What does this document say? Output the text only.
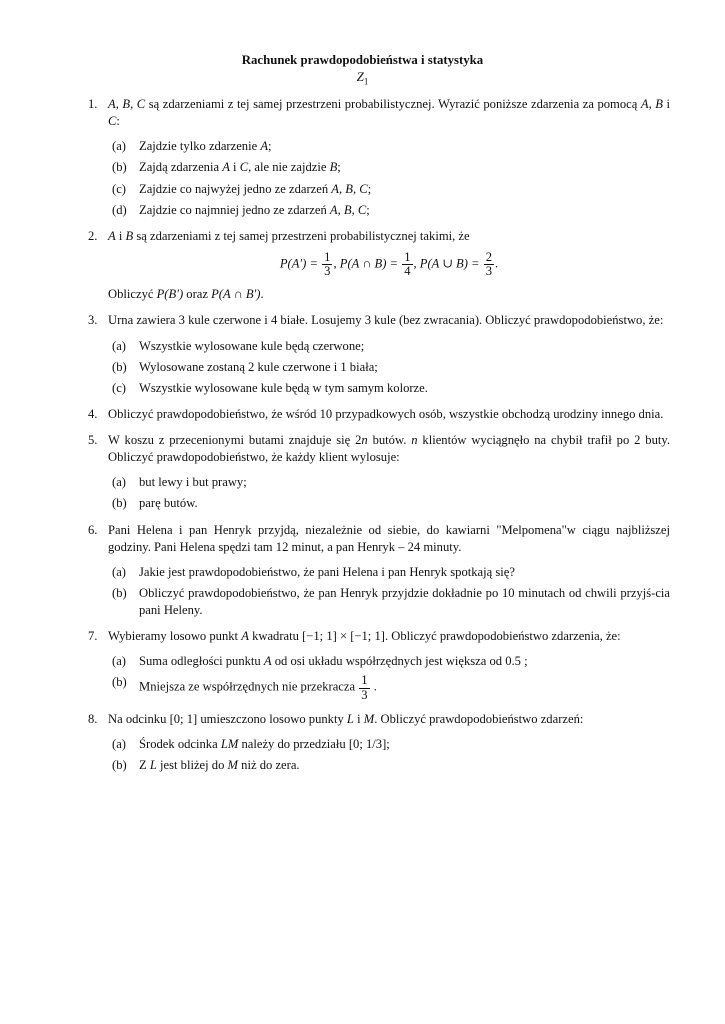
Rachunek prawdopodobieństwa i statystyka
$Z_1$
1. A, B, C są zdarzeniami z tej samej przestrzeni probabilistycznej. Wyrazić poniższe zdarzenia za pomocą A, B i C:
(a) Zajdzie tylko zdarzenie A;
(b) Zajdą zdarzenia A i C, ale nie zajdzie B;
(c) Zajdzie co najwyżej jedno ze zdarzeń A, B, C;
(d) Zajdzie co najmniej jedno ze zdarzeń A, B, C;
2. A i B są zdarzeniami z tej samej przestrzeni probabilistycznej takimi, że
$P(A') = \frac{1}{3}$ , P(A ∩ $B) = \frac{1}{4}$ , P(A ∪ $B) = \frac{2}{3}$ .
Obliczyć P(B′) oraz P(A ∩ B′).
3. Urna zawiera 3 kule czerwone i 4 białe. Losujemy 3 kule (bez zwracania). Obliczyć prawdopodobieństwo, że:
(a) Wszystkie wylosowane kule będą czerwone;
(b) Wylosowane zostaną 2 kule czerwone i 1 biała;
(c) Wszystkie wylosowane kule będą w tym samym kolorze.
4. Obliczyć prawdopodobieństwo, że wśród 10 przypadkowych osób, wszystkie obchodzą urodziny innego dnia.
5. W koszu z przecenionymi butami znajduje się 2n butów. n klientów wyciągnęło na chybił trafił po 2 buty. Obliczyć prawdopodobieństwo, że każdy klient wylosuje:
(a) but lewy i but prawy;
(b) parę butów.
6. Pani Helena i pan Henryk przyjdą, niezależnie od siebie, do kawiarni "Melpomena"w ciągu najbliższej godziny. Pani Helena spędzi tam 12 minut, a pan Henryk – 24 minuty.
(a) Jakie jest prawdopodobieństwo, że pani Helena i pan Henryk spotkają się?
(b) Obliczyć prawdopodobieństwo, że pan Henryk przyjdzie dokładnie po 10 minutach od chwili przyjś-cia pani Heleny.
7. Wybieramy losowo punkt A kwadratu [−1; 1] × [−1; 1]. Obliczyć prawdopodobieństwo zdarzenia, że:
(a) Suma odległości punktu A od osi układu współrzędnych jest większa od 0.5 ;
(b) Mniejsza ze współrzędnych nie przekracza $\frac{1}{3}$ .
8. Na odcinku [0; 1] umieszczono losowo punkty L i M. Obliczyć prawdopodobieństwo zdarzeń:
(a) Środek odcinka LM należy do przedziału [0; 1/3];
(b) Z L jest bliżej do M niż do zera.
